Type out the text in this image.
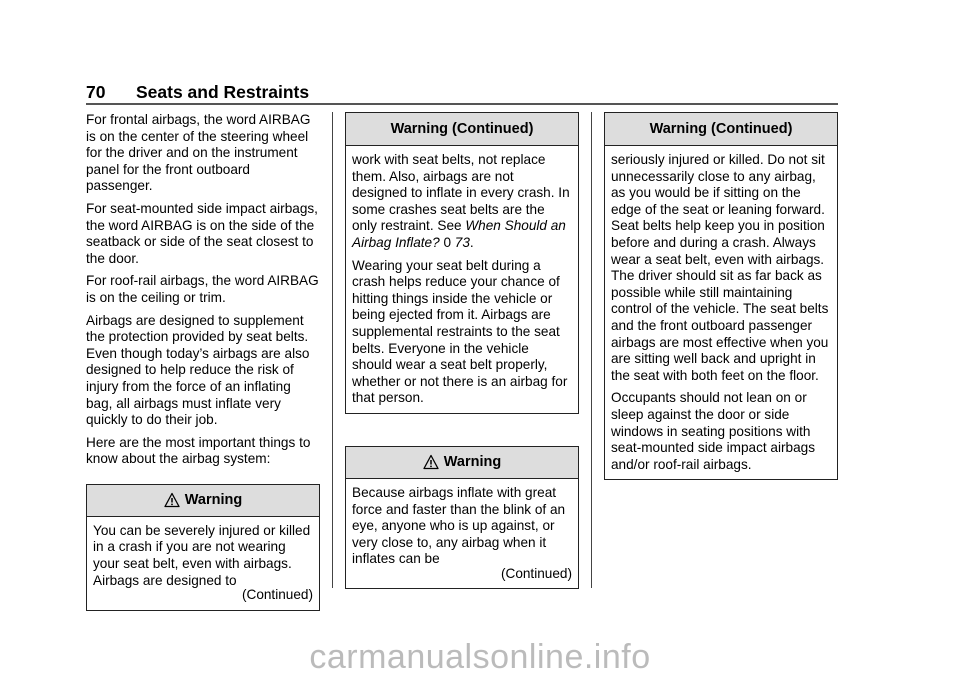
70 Seats and Restraints

For frontal airbags, the word AIRBAG is on the center of the steering wheel for the driver and on the instrument panel for the front outboard passenger.

For seat-mounted side impact airbags, the word AIRBAG is on the side of the seatback or side of the seat closest to the door.

For roof-rail airbags, the word AIRBAG is on the ceiling or trim.

Airbags are designed to supplement the protection provided by seat belts. Even though today’s airbags are also designed to help reduce the risk of injury from the force of an inflating bag, all airbags must inflate very quickly to do their job.

Here are the most important things to know about the airbag system:

Warning

You can be severely injured or killed in a crash if you are not wearing your seat belt, even with airbags. Airbags are designed to

(Continued)
Warning (Continued)

work with seat belts, not replace them. Also, airbags are not designed to inflate in every crash. In some crashes seat belts are the only restraint. See When Should an Airbag Inflate? 0 73.

Wearing your seat belt during a crash helps reduce your chance of hitting things inside the vehicle or being ejected from it. Airbags are supplemental restraints to the seat belts. Everyone in the vehicle should wear a seat belt properly, whether or not there is an airbag for that person.

Warning

Because airbags inflate with great force and faster than the blink of an eye, anyone who is up against, or very close to, any airbag when it inflates can be

(Continued)
Warning (Continued)

seriously injured or killed. Do not sit unnecessarily close to any airbag, as you would be if sitting on the edge of the seat or leaning forward. Seat belts help keep you in position before and during a crash. Always wear a seat belt, even with airbags. The driver should sit as far back as possible while still maintaining control of the vehicle. The seat belts and the front outboard passenger airbags are most effective when you are sitting well back and upright in the seat with both feet on the floor.

Occupants should not lean on or sleep against the door or side windows in seating positions with seat-mounted side impact airbags and/or roof-rail airbags.

carmanualsonline.info
